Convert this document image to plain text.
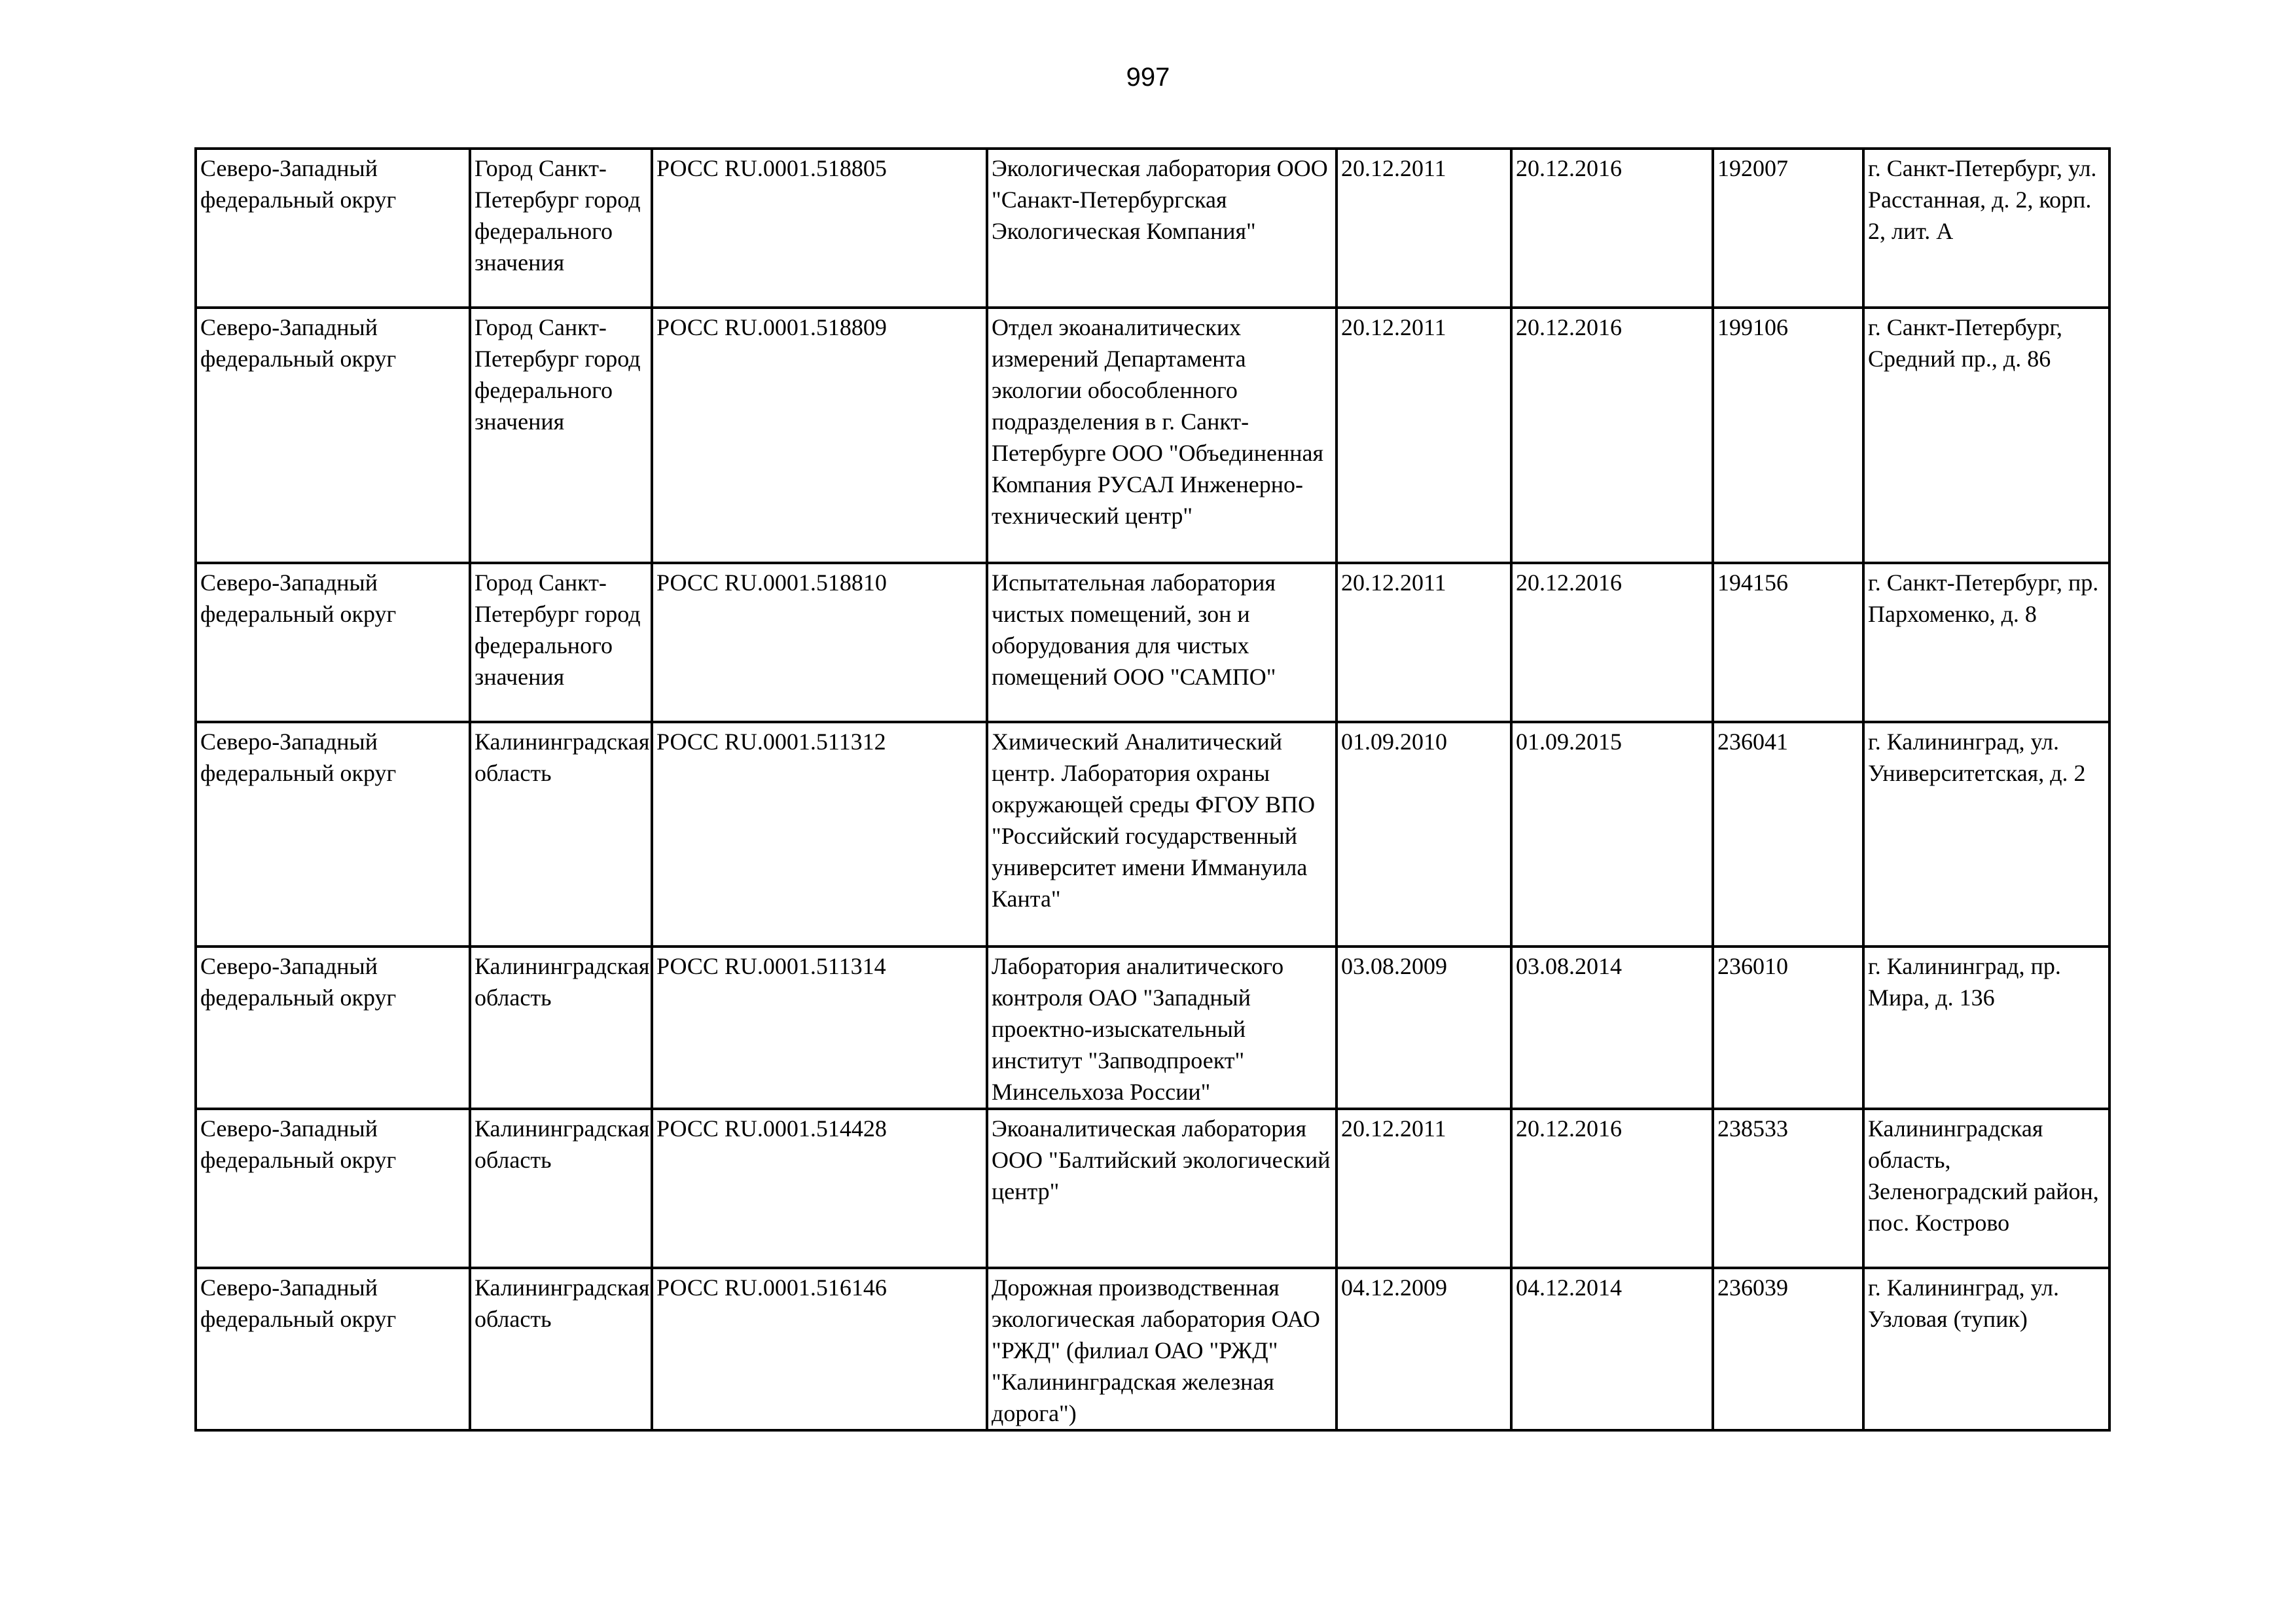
997
Северо-Западный федеральный округ	Город Санкт-Петербург город федерального значения	РОСС RU.0001.518805	Экологическая лаборатория ООО "Санакт-Петербургская Экологическая Компания"	20.12.2011	20.12.2016	192007	г. Санкт-Петербург, ул. Расстанная, д. 2, корп. 2, лит. А
Северо-Западный федеральный округ	Город Санкт-Петербург город федерального значения	РОСС RU.0001.518809	Отдел экоаналитических измерений Департамента экологии обособленного подразделения в г. Санкт-Петербурге ООО "Объединенная Компания РУСАЛ Инженерно-технический центр"	20.12.2011	20.12.2016	199106	г. Санкт-Петербург, Средний пр., д. 86
Северо-Западный федеральный округ	Город Санкт-Петербург город федерального значения	РОСС RU.0001.518810	Испытательная лаборатория чистых помещений, зон и оборудования для чистых помещений ООО "САМПО"	20.12.2011	20.12.2016	194156	г. Санкт-Петербург, пр. Пархоменко, д. 8
Северо-Западный федеральный округ	Калининградская область	РОСС RU.0001.511312	Химический Аналитический центр. Лаборатория охраны окружающей среды ФГОУ ВПО "Российский государственный университет имени Иммануила Канта"	01.09.2010	01.09.2015	236041	г. Калининград, ул. Университетская, д. 2
Северо-Западный федеральный округ	Калининградская область	РОСС RU.0001.511314	Лаборатория аналитического контроля ОАО "Западный проектно-изыскательный институт "Запводпроект" Минсельхоза России"	03.08.2009	03.08.2014	236010	г. Калининград, пр. Мира, д. 136
Северо-Западный федеральный округ	Калининградская область	РОСС RU.0001.514428	Экоаналитическая лаборатория ООО "Балтийский экологический центр"	20.12.2011	20.12.2016	238533	Калининградская область, Зеленоградский район, пос. Кострово
Северо-Западный федеральный округ	Калининградская область	РОСС RU.0001.516146	Дорожная производственная экологическая лаборатория ОАО "РЖД" (филиал ОАО "РЖД" "Калининградская железная дорога")	04.12.2009	04.12.2014	236039	г. Калининград, ул. Узловая (тупик)
